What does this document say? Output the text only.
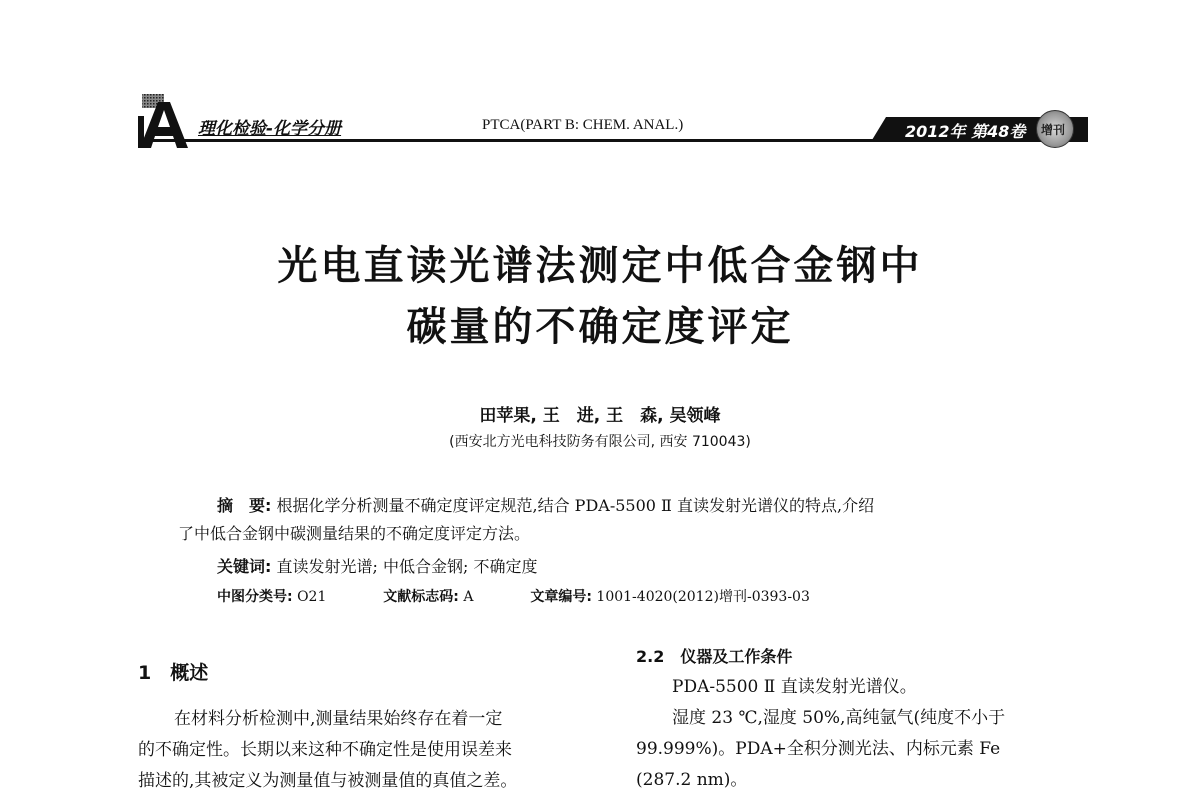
理化检验-化学分册	PTCA(PART B: CHEM. ANAL.)	2012年 第48卷 增刊
光电直读光谱法测定中低合金钢中
碳量的不确定度评定
田苹果, 王　进, 王　森, 吴领峰
(西安北方光电科技防务有限公司, 西安 710043)
摘　要: 根据化学分析测量不确定度评定规范,结合 PDA-5500 Ⅱ 直读发射光谱仪的特点,介绍
了中低合金钢中碳测量结果的不确定度评定方法。
关键词: 直读发射光谱; 中低合金钢; 不确定度
中图分类号: O21	文献标志码: A	文章编号: 1001-4020(2012)增刊-0393-03
1　概述
在材料分析检测中,测量结果始终存在着一定
的不确定性。长期以来这种不确定性是使用误差来
描述的,其被定义为测量值与被测量值的真值之差。
2.2　仪器及工作条件
PDA-5500 Ⅱ 直读发射光谱仪。
湿度 23 ℃,湿度 50%,高纯氩气(纯度不小于
99.999%)。PDA+全积分测光法、内标元素 Fe
(287.2 nm)。
